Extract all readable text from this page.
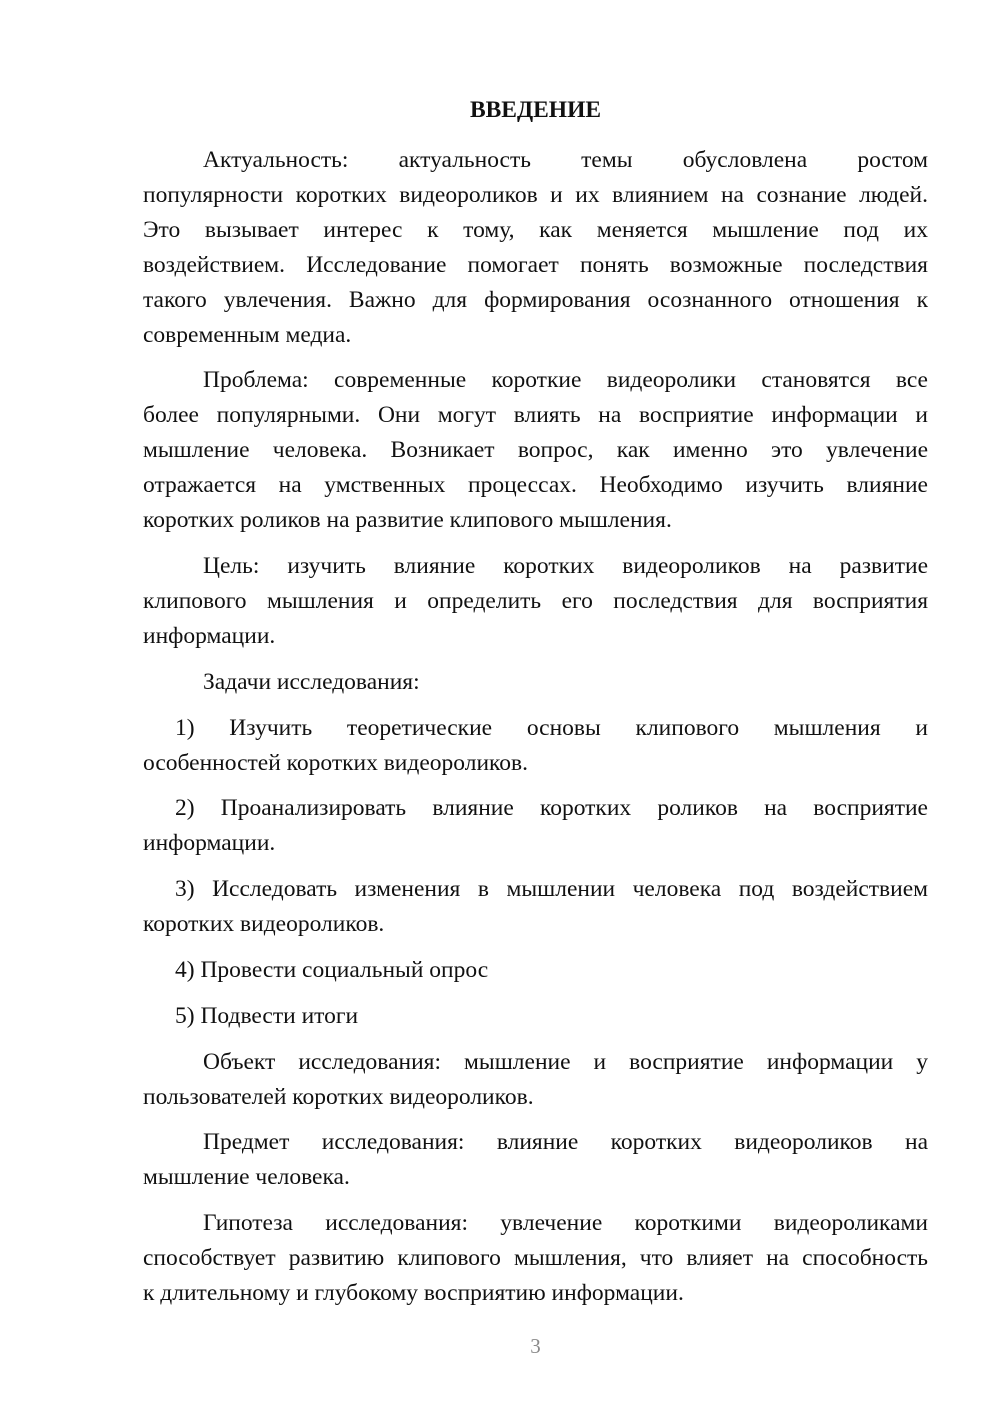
ВВЕДЕНИЕ
Актуальность: актуальность темы обусловлена ростом
популярности коротких видеороликов и их влиянием на сознание людей.
Это вызывает интерес к тому, как меняется мышление под их
воздействием. Исследование помогает понять возможные последствия
такого увлечения. Важно для формирования осознанного отношения к
современным медиа.
Проблема: современные короткие видеоролики становятся все
более популярными. Они могут влиять на восприятие информации и
мышление человека. Возникает вопрос, как именно это увлечение
отражается на умственных процессах. Необходимо изучить влияние
коротких роликов на развитие клипового мышления.
Цель: изучить влияние коротких видеороликов на развитие
клипового мышления и определить его последствия для восприятия
информации.
Задачи исследования:
1) Изучить теоретические основы клипового мышления и
особенностей коротких видеороликов.
2) Проанализировать влияние коротких роликов на восприятие
информации.
3) Исследовать изменения в мышлении человека под воздействием
коротких видеороликов.
4) Провести социальный опрос
5) Подвести итоги
Объект исследования: мышление и восприятие информации у
пользователей коротких видеороликов.
Предмет исследования: влияние коротких видеороликов на
мышление человека.
Гипотеза исследования: увлечение короткими видеороликами
способствует развитию клипового мышления, что влияет на способность
к длительному и глубокому восприятию информации.
3
